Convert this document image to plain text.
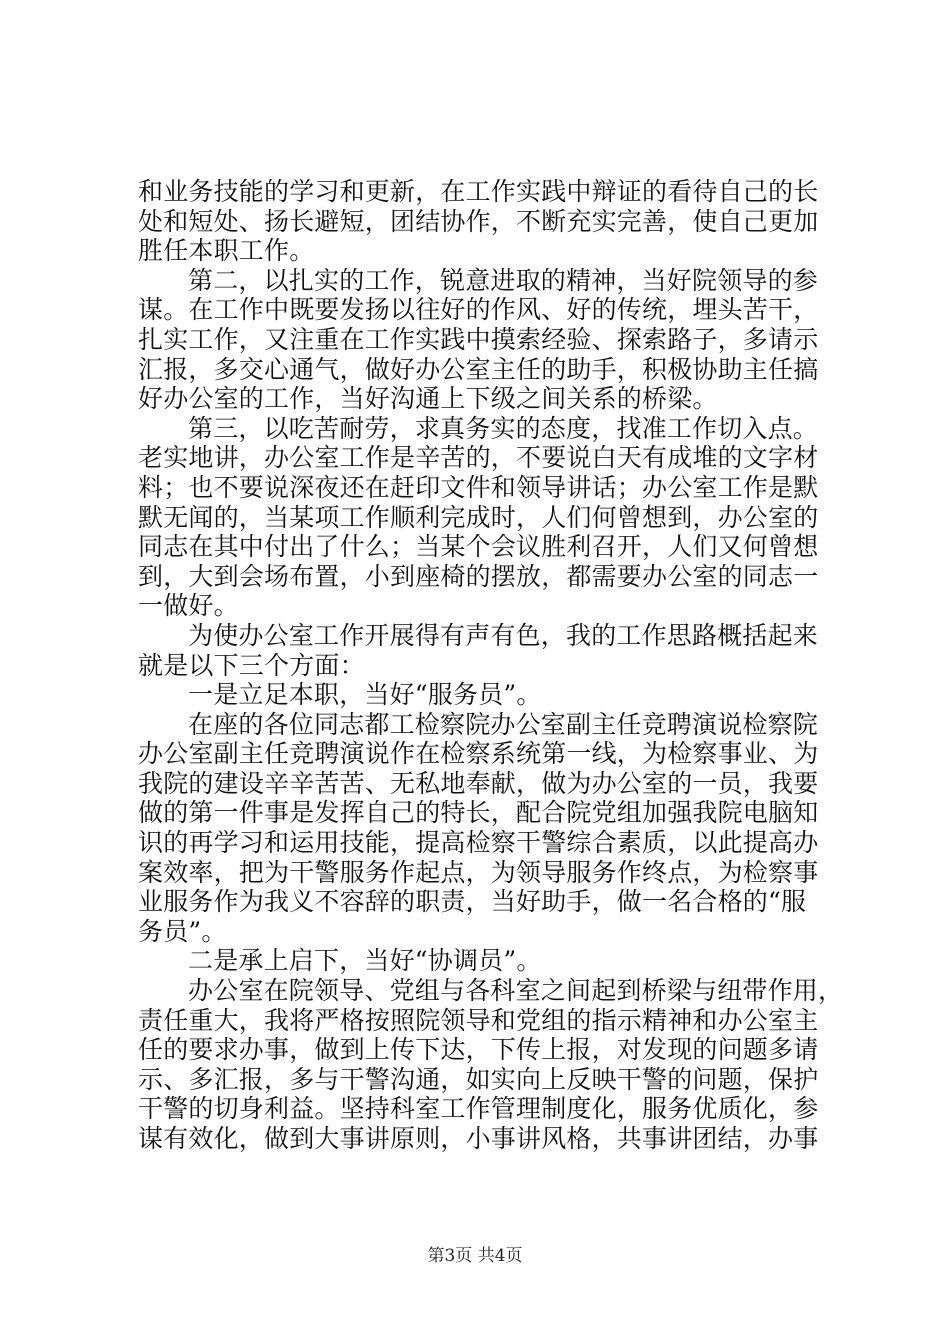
和业务技能的学习和更新，在工作实践中辩证的看待自己的长
处和短处、扬长避短，团结协作，不断充实完善，使自己更加
胜任本职工作。
第二，以扎实的工作，锐意进取的精神，当好院领导的参
谋。在工作中既要发扬以往好的作风、好的传统，埋头苦干，
扎实工作，又注重在工作实践中摸索经验、探索路子，多请示
汇报，多交心通气，做好办公室主任的助手，积极协助主任搞
好办公室的工作，当好沟通上下级之间关系的桥梁。
第三，以吃苦耐劳，求真务实的态度，找准工作切入点。
老实地讲，办公室工作是辛苦的，不要说白天有成堆的文字材
料；也不要说深夜还在赶印文件和领导讲话；办公室工作是默
默无闻的，当某项工作顺利完成时，人们何曾想到，办公室的
同志在其中付出了什么；当某个会议胜利召开，人们又何曾想
到，大到会场布置，小到座椅的摆放，都需要办公室的同志一
一做好。
为使办公室工作开展得有声有色，我的工作思路概括起来
就是以下三个方面：
一是立足本职，当好“服务员”。
在座的各位同志都工检察院办公室副主任竞聘演说检察院
办公室副主任竞聘演说作在检察系统第一线，为检察事业、为
我院的建设辛辛苦苦、无私地奉献，做为办公室的一员，我要
做的第一件事是发挥自己的特长，配合院党组加强我院电脑知
识的再学习和运用技能，提高检察干警综合素质，以此提高办
案效率，把为干警服务作起点，为领导服务作终点，为检察事
业服务作为我义不容辞的职责，当好助手，做一名合格的“服
务员”。
二是承上启下，当好“协调员”。
办公室在院领导、党组与各科室之间起到桥梁与纽带作用，
责任重大，我将严格按照院领导和党组的指示精神和办公室主
任的要求办事，做到上传下达，下传上报，对发现的问题多请
示、多汇报，多与干警沟通，如实向上反映干警的问题，保护
干警的切身利益。坚持科室工作管理制度化，服务优质化，参
谋有效化，做到大事讲原则，小事讲风格，共事讲团结，办事
第3页 共4页
